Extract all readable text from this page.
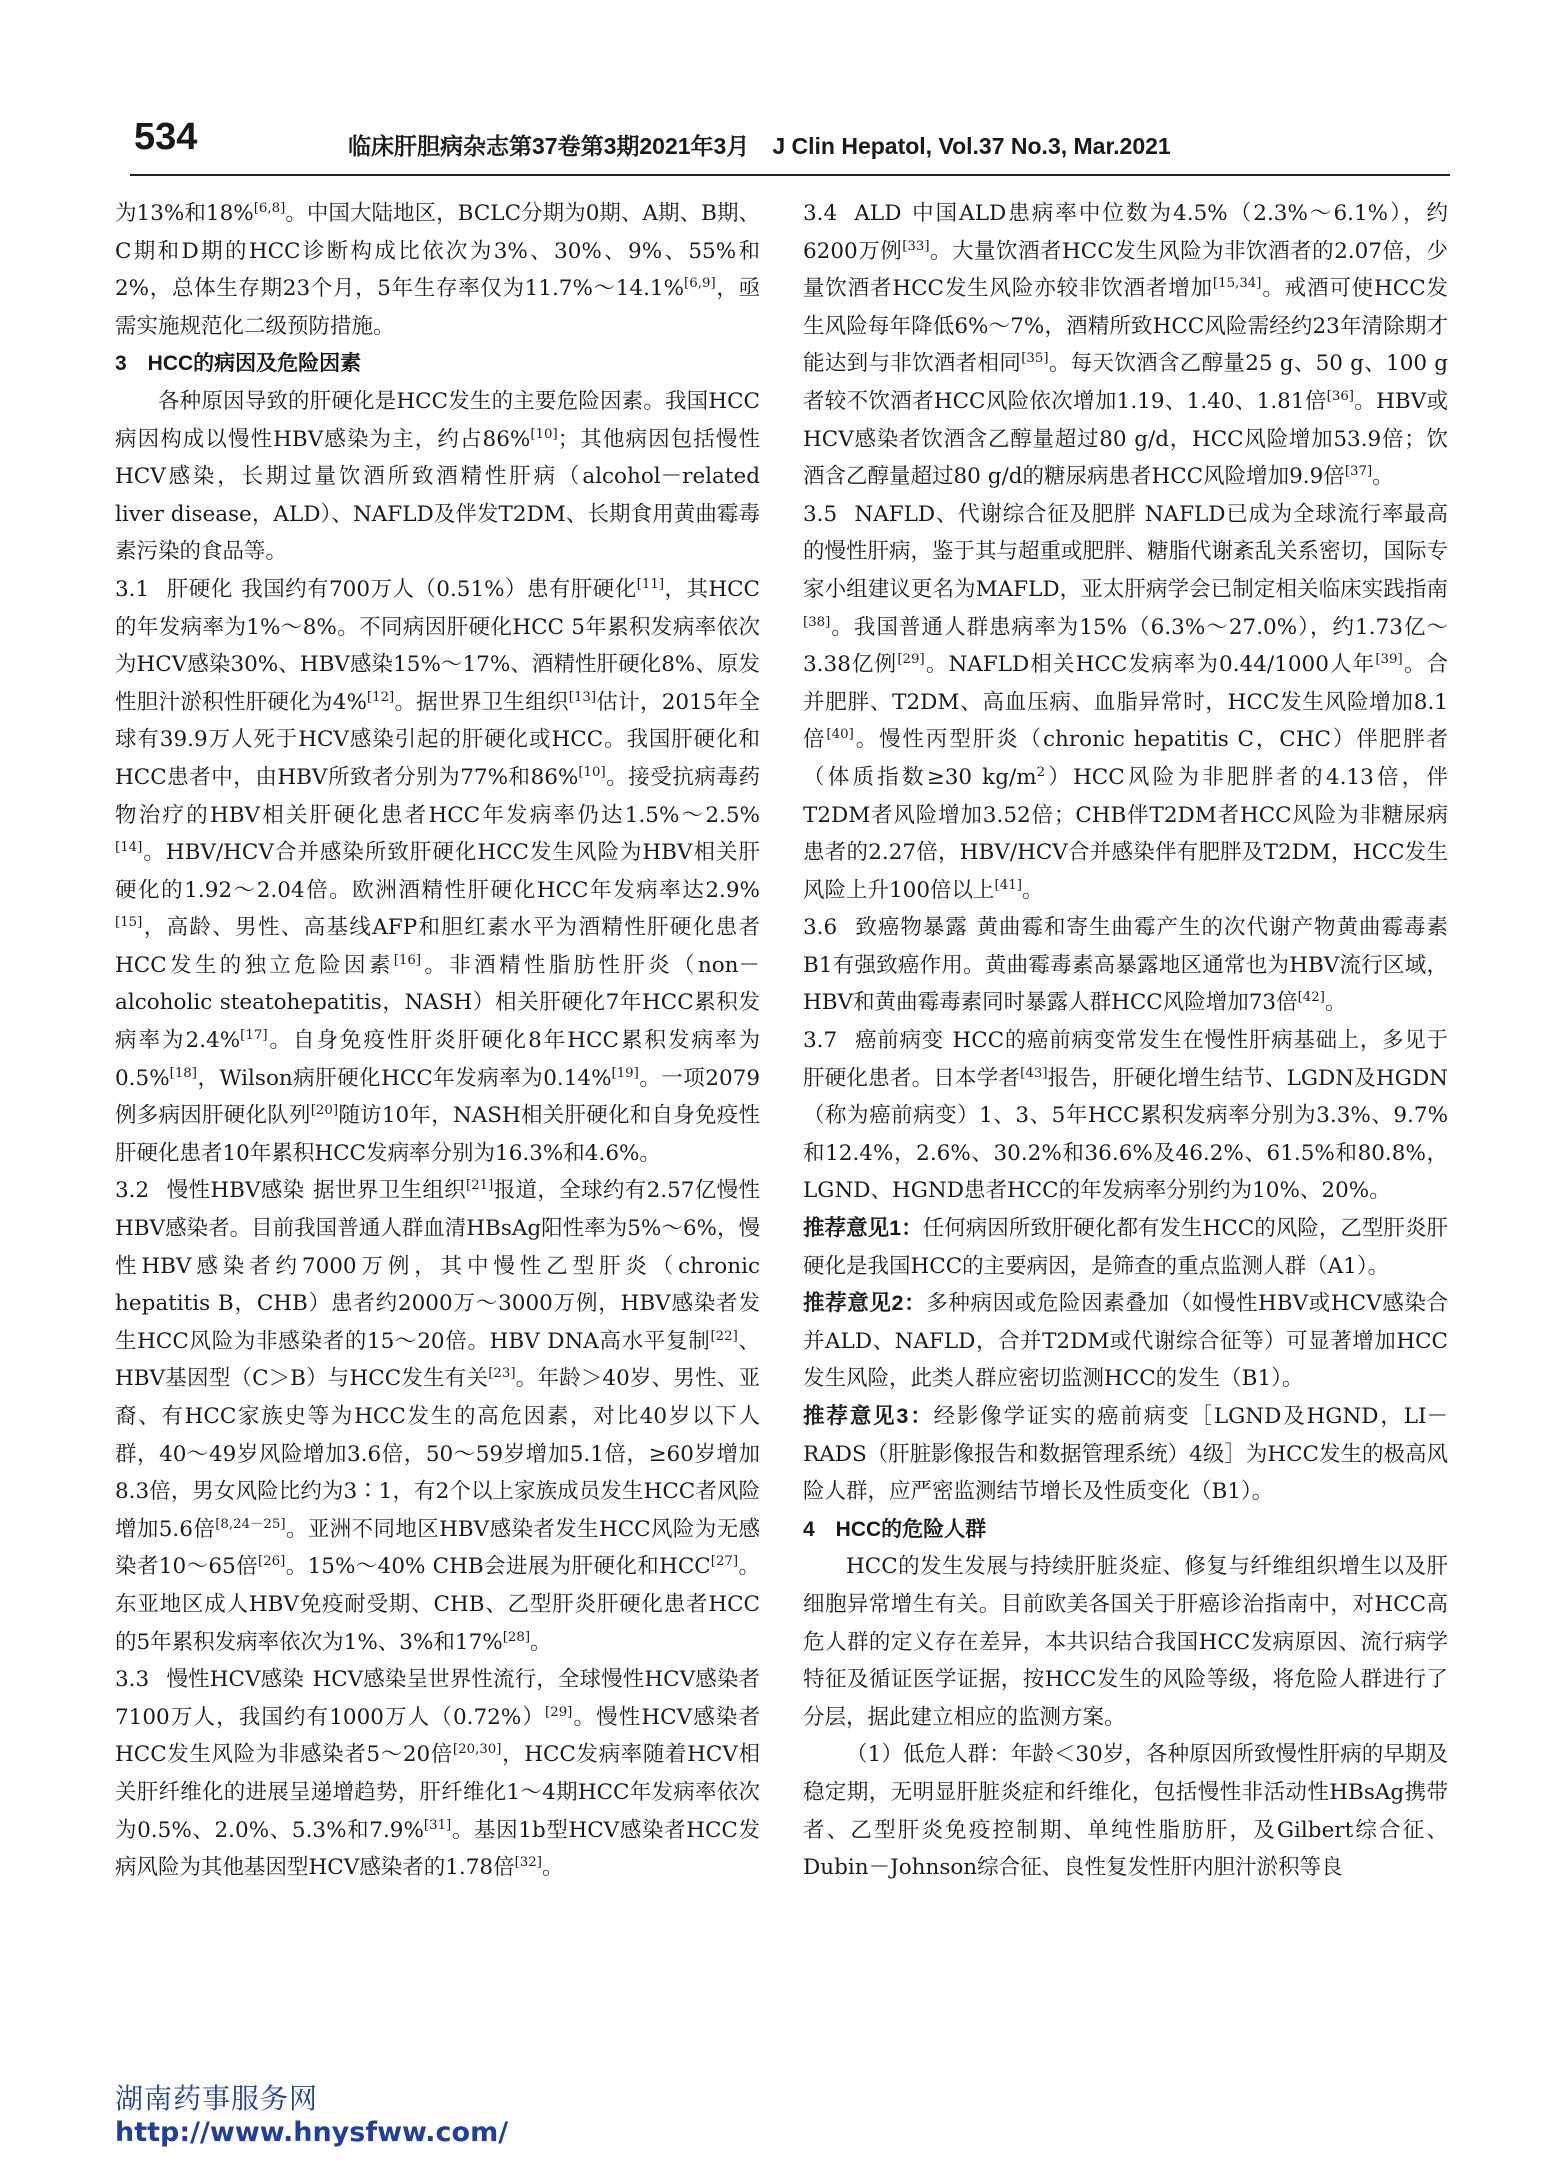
534	临床肝胆病杂志第37卷第3期2021年3月　J Clin Hepatol, Vol.37 No.3, Mar.2021

为13%和18%[6,8]。中国大陆地区，BCLC分期为0期、A期、B期、C期和D期的HCC诊断构成比依次为3%、30%、9%、55%和2%，总体生存期23个月，5年生存率仅为11.7%～14.1%[6,9]，亟需实施规范化二级预防措施。

3　HCC的病因及危险因素

各种原因导致的肝硬化是HCC发生的主要危险因素。我国HCC病因构成以慢性HBV感染为主，约占86%[10]；其他病因包括慢性HCV感染，长期过量饮酒所致酒精性肝病（alcohol－related liver disease，ALD）、NAFLD及伴发T2DM、长期食用黄曲霉毒素污染的食品等。

3.1 肝硬化 我国约有700万人（0.51%）患有肝硬化[11]，其HCC的年发病率为1%～8%。不同病因肝硬化HCC 5年累积发病率依次为HCV感染30%、HBV感染15%～17%、酒精性肝硬化8%、原发性胆汁淤积性肝硬化为4%[12]。据世界卫生组织[13]估计，2015年全球有39.9万人死于HCV感染引起的肝硬化或HCC。我国肝硬化和HCC患者中，由HBV所致者分别为77%和86%[10]。接受抗病毒药物治疗的HBV相关肝硬化患者HCC年发病率仍达1.5%～2.5%[14]。HBV/HCV合并感染所致肝硬化HCC发生风险为HBV相关肝硬化的1.92～2.04倍。欧洲酒精性肝硬化HCC年发病率达2.9%[15]，高龄、男性、高基线AFP和胆红素水平为酒精性肝硬化患者HCC发生的独立危险因素[16]。非酒精性脂肪性肝炎（non－alcoholic steatohepatitis，NASH）相关肝硬化7年HCC累积发病率为2.4%[17]。自身免疫性肝炎肝硬化8年HCC累积发病率为0.5%[18]，Wilson病肝硬化HCC年发病率为0.14%[19]。一项2079例多病因肝硬化队列[20]随访10年，NASH相关肝硬化和自身免疫性肝硬化患者10年累积HCC发病率分别为16.3%和4.6%。

3.2 慢性HBV感染 据世界卫生组织[21]报道，全球约有2.57亿慢性HBV感染者。目前我国普通人群血清HBsAg阳性率为5%～6%，慢性HBV感染者约7000万例，其中慢性乙型肝炎（chronic hepatitis B，CHB）患者约2000万～3000万例，HBV感染者发生HCC风险为非感染者的15～20倍。HBV DNA高水平复制[22]、HBV基因型（C＞B）与HCC发生有关[23]。年龄＞40岁、男性、亚裔、有HCC家族史等为HCC发生的高危因素，对比40岁以下人群，40～49岁风险增加3.6倍，50～59岁增加5.1倍，≥60岁增加8.3倍，男女风险比约为3∶1，有2个以上家族成员发生HCC者风险增加5.6倍[8,24－25]。亚洲不同地区HBV感染者发生HCC风险为无感染者10～65倍[26]。15%～40% CHB会进展为肝硬化和HCC[27]。东亚地区成人HBV免疫耐受期、CHB、乙型肝炎肝硬化患者HCC的5年累积发病率依次为1%、3%和17%[28]。

3.3 慢性HCV感染 HCV感染呈世界性流行，全球慢性HCV感染者7100万人，我国约有1000万人（0.72%）[29]。慢性HCV感染者HCC发生风险为非感染者5～20倍[20,30]，HCC发病率随着HCV相关肝纤维化的进展呈递增趋势，肝纤维化1～4期HCC年发病率依次为0.5%、2.0%、5.3%和7.9%[31]。基因1b型HCV感染者HCC发病风险为其他基因型HCV感染者的1.78倍[32]。

3.4 ALD 中国ALD患病率中位数为4.5%（2.3%～6.1%），约6200万例[33]。大量饮酒者HCC发生风险为非饮酒者的2.07倍，少量饮酒者HCC发生风险亦较非饮酒者增加[15,34]。戒酒可使HCC发生风险每年降低6%～7%，酒精所致HCC风险需经约23年清除期才能达到与非饮酒者相同[35]。每天饮酒含乙醇量25 g、50 g、100 g者较不饮酒者HCC风险依次增加1.19、1.40、1.81倍[36]。HBV或HCV感染者饮酒含乙醇量超过80 g/d，HCC风险增加53.9倍；饮酒含乙醇量超过80 g/d的糖尿病患者HCC风险增加9.9倍[37]。

3.5 NAFLD、代谢综合征及肥胖 NAFLD已成为全球流行率最高的慢性肝病，鉴于其与超重或肥胖、糖脂代谢紊乱关系密切，国际专家小组建议更名为MAFLD，亚太肝病学会已制定相关临床实践指南[38]。我国普通人群患病率为15%（6.3%～27.0%），约1.73亿～3.38亿例[29]。NAFLD相关HCC发病率为0.44/1000人年[39]。合并肥胖、T2DM、高血压病、血脂异常时，HCC发生风险增加8.1倍[40]。慢性丙型肝炎（chronic hepatitis C，CHC）伴肥胖者（体质指数≥30 $kg/m^2)HCC$风险为非肥胖者的4.13倍，伴T2DM者风险增加3.52倍；CHB伴T2DM者HCC风险为非糖尿病患者的2.27倍，HBV/HCV合并感染伴有肥胖及T2DM，HCC发生风险上升100倍以上[41]。

3.6 致癌物暴露 黄曲霉和寄生曲霉产生的次代谢产物黄曲霉毒素B1有强致癌作用。黄曲霉毒素高暴露地区通常也为HBV流行区域，HBV和黄曲霉毒素同时暴露人群HCC风险增加73倍[42]。

3.7 癌前病变 HCC的癌前病变常发生在慢性肝病基础上，多见于肝硬化患者。日本学者[43]报告，肝硬化增生结节、LGDN及HGDN（称为癌前病变）1、3、5年HCC累积发病率分别为3.3%、9.7%和12.4%，2.6%、30.2%和36.6%及46.2%、61.5%和80.8%，LGND、HGND患者HCC的年发病率分别约为10%、20%。

推荐意见1：任何病因所致肝硬化都有发生HCC的风险，乙型肝炎肝硬化是我国HCC的主要病因，是筛查的重点监测人群（A1）。

推荐意见2：多种病因或危险因素叠加（如慢性HBV或HCV感染合并ALD、NAFLD，合并T2DM或代谢综合征等）可显著增加HCC发生风险，此类人群应密切监测HCC的发生（B1）。

推荐意见3：经影像学证实的癌前病变［LGND及HGND，LI－RADS（肝脏影像报告和数据管理系统）4级］为HCC发生的极高风险人群，应严密监测结节增长及性质变化（B1）。

4　HCC的危险人群

HCC的发生发展与持续肝脏炎症、修复与纤维组织增生以及肝细胞异常增生有关。目前欧美各国关于肝癌诊治指南中，对HCC高危人群的定义存在差异，本共识结合我国HCC发病原因、流行病学特征及循证医学证据，按HCC发生的风险等级，将危险人群进行了分层，据此建立相应的监测方案。

（1）低危人群：年龄＜30岁，各种原因所致慢性肝病的早期及稳定期，无明显肝脏炎症和纤维化，包括慢性非活动性HBsAg携带者、乙型肝炎免疫控制期、单纯性脂肪肝，及Gilbert综合征、Dubin－Johnson综合征、良性复发性肝内胆汁淤积等良

湖南药事服务网
http://www.hnysfww.com/
